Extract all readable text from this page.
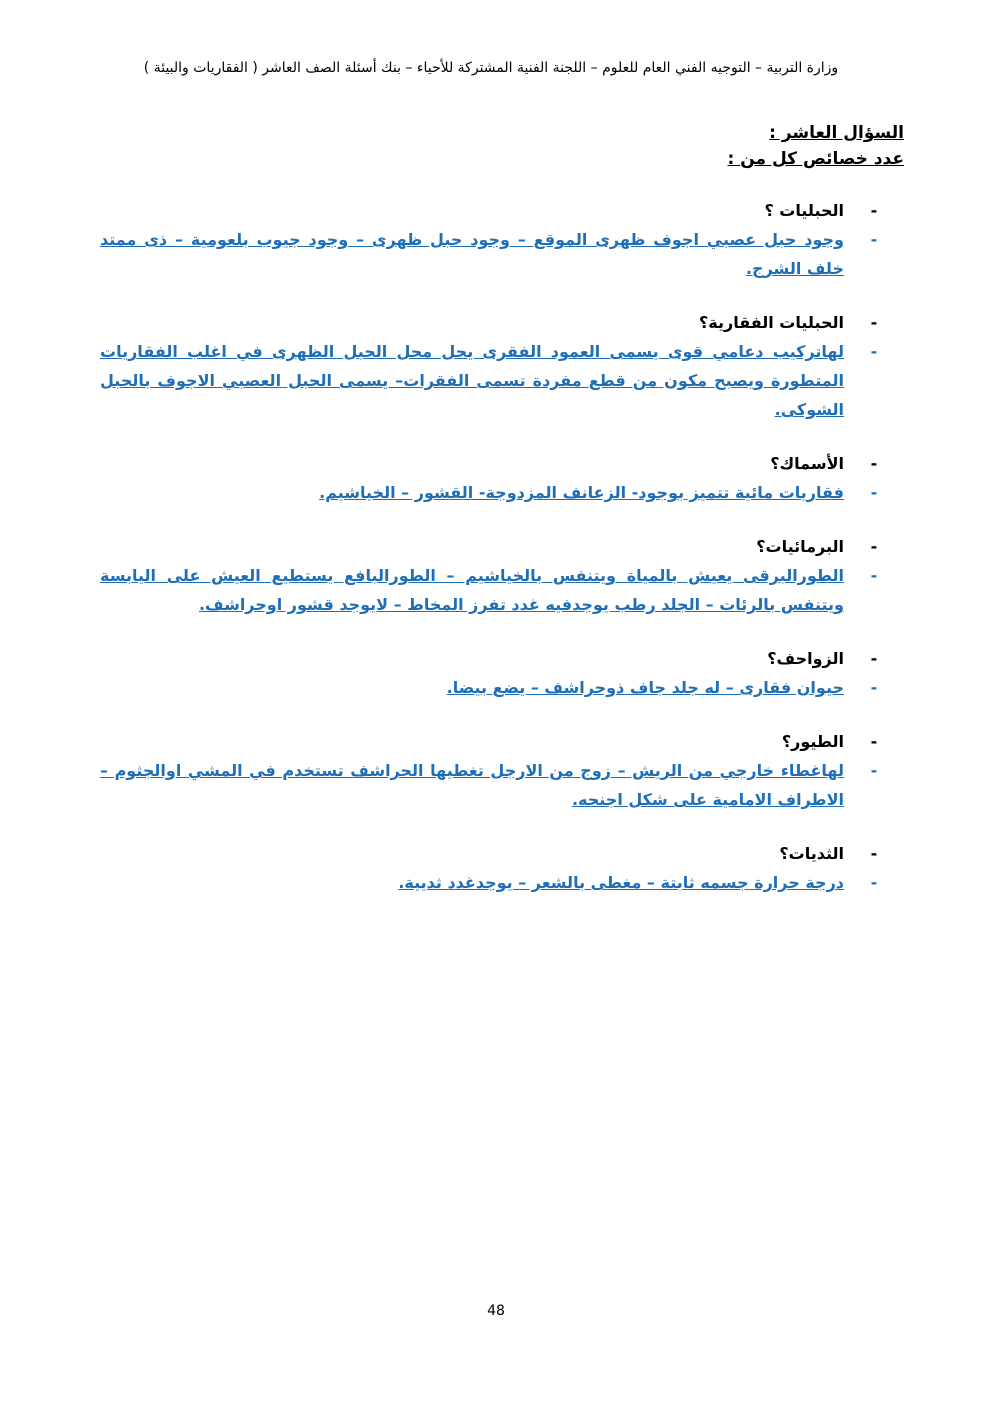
وزارة التربية – التوجيه الفني العام للعلوم – اللجنة الفنية المشتركة للأحياء – بنك أسئلة الصف العاشر ( الفقاريات والبيئة )
السؤال العاشر :
عدد خصائص كل من :
-
الحبليات ؟
-
وجود حبل عصبي اجوف ظهرى الموقع – وجود حبل ظهرى – وجود جيوب بلعومية – ذى ممتد خلف الشرج.
-
الحبليات الفقارية؟
-
لهاتركيب دعامي قوى يسمى العمود الفقرى يحل محل الحبل الظهرى في اغلب الفقاريات المتطورة ويصبح مكون من قطع مفردة تسمى الفقرات– يسمى الحبل العصبي الاجوف بالحبل الشوكى.
-
الأسماك؟
-
فقاريات مائية تتميز بوجود- الزعانف المزدوجة- القشور – الخياشيم.
-
البرمائيات؟
-
الطورالبرقى يعيش بالمياة ويتنفس بالخياشيم – الطورالبافع يستطيع العيش على اليابسة ويتنفس بالرئات – الجلد رطب يوجدفيه غدد تفرز المخاط – لايوجد قشور اوحراشف.
-
الزواحف؟
-
حيوان فقارى – له جلد جاف ذوحراشف – يضع بيضا.
-
الطيور؟
-
لهاغطاء خارجي من الريش – زوج من الارجل تغطيها الحراشف تستخدم في المشي اوالجثوم – الاطراف الامامية على شكل اجنحه.
-
الثديات؟
-
درجة حرارة جسمه ثابتة – مغطى بالشعر – يوجدغدد ثديية.
48
